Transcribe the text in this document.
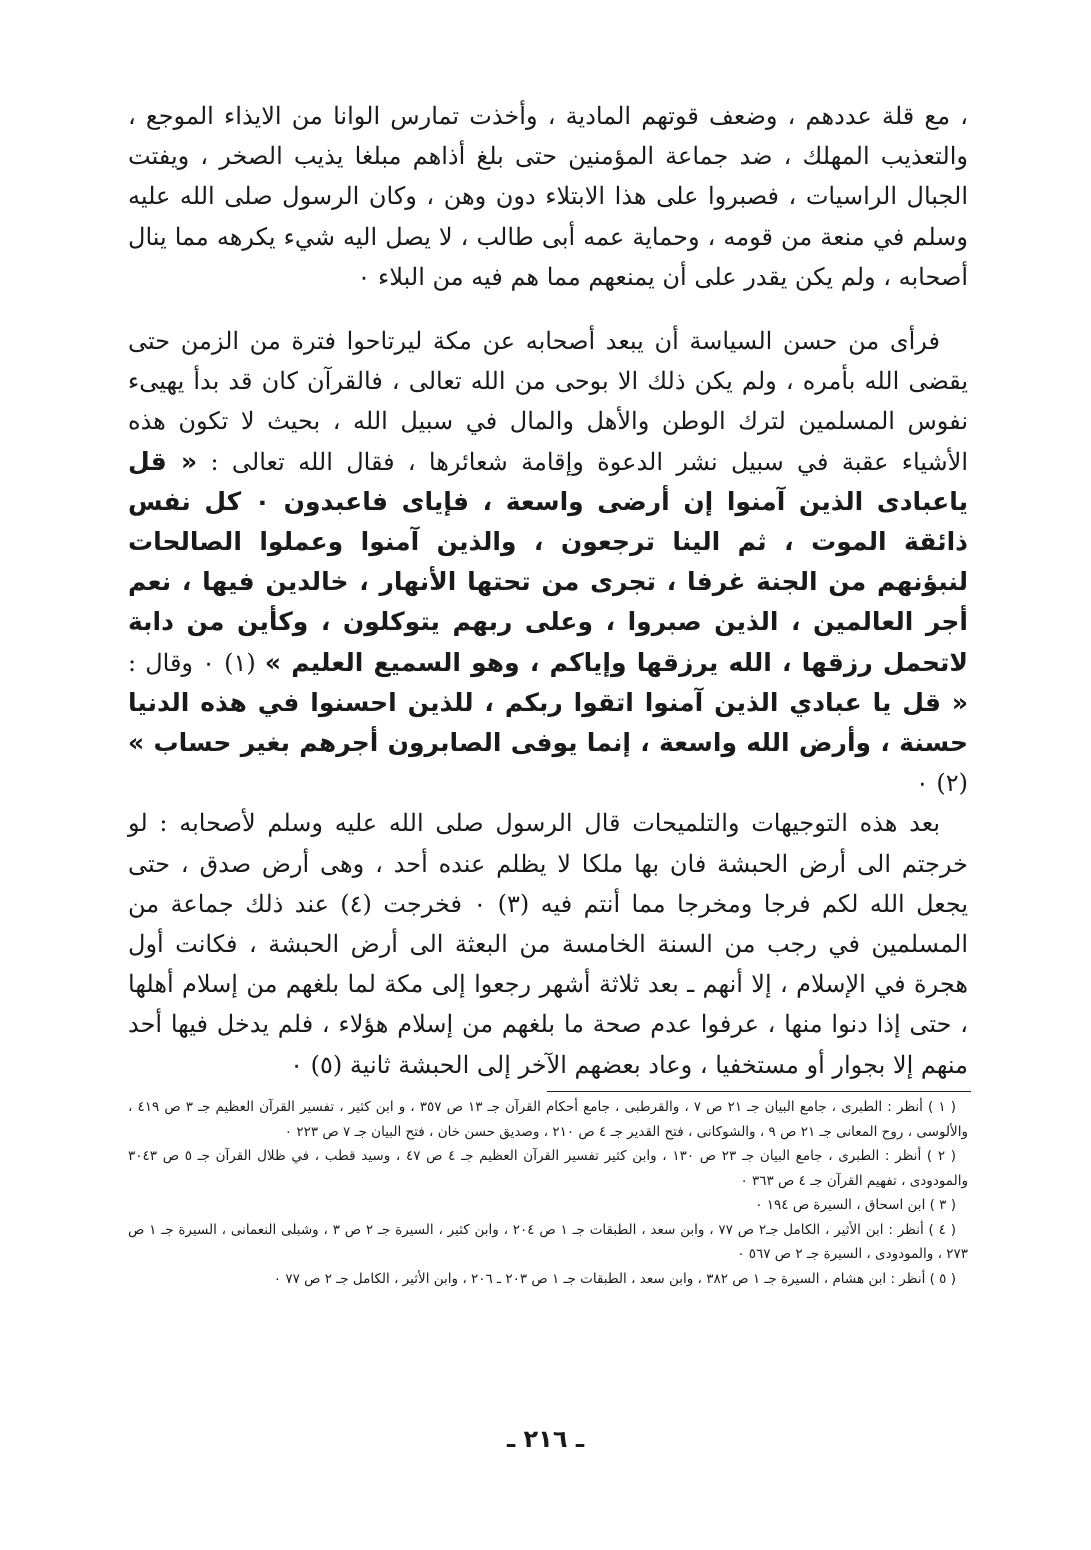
، مع قلة عددهم ، وضعف قوتهم المادية ، وأخذت تمارس الوانا من الايذاء الموجع ، والتعذيب المهلك ، ضد جماعة المؤمنين حتى بلغ أذاهم مبلغا يذيب الصخر ، ويفتت الجبال الراسيات ، فصبروا على هذا الابتلاء دون وهن ، وكان الرسول صلى الله عليه وسلم في منعة من قومه ، وحماية عمه أبى طالب ، لا يصل اليه شيء يكرهه مما ينال أصحابه ، ولم يكن يقدر على أن يمنعهم مما هم فيه من البلاء ٠

فرأى من حسن السياسة أن يبعد أصحابه عن مكة ليرتاحوا فترة من الزمن حتى يقضى الله بأمره ، ولم يكن ذلك الا بوحى من الله تعالى ، فالقرآن كان قد بدأ يهيىء نفوس المسلمين لترك الوطن والأهل والمال في سبيل الله ، بحيث لا تكون هذه الأشياء عقبة في سبيل نشر الدعوة وإقامة شعائرها ، فقال الله تعالى : « قل ياعبادى الذين آمنوا إن أرضى واسعة ، فإياى فاعبدون ٠ كل نفس ذائقة الموت ، ثم الينا ترجعون ، والذين آمنوا وعملوا الصالحات لنبؤنهم من الجنة غرفا ، تجرى من تحتها الأنهار ، خالدين فيها ، نعم أجر العالمين ، الذين صبروا ، وعلى ربهم يتوكلون ، وكأين من دابة لاتحمل رزقها ، الله يرزقها وإياكم ، وهو السميع العليم » (١) ٠ وقال : « قل يا عبادي الذين آمنوا اتقوا ربكم ، للذين احسنوا في هذه الدنيا حسنة ، وأرض الله واسعة ، إنما يوفى الصابرون أجرهم بغير حساب » (٢) ٠

بعد هذه التوجيهات والتلميحات قال الرسول صلى الله عليه وسلم لأصحابه : لو خرجتم الى أرض الحبشة فان بها ملكا لا يظلم عنده أحد ، وهى أرض صدق ، حتى يجعل الله لكم فرجا ومخرجا مما أنتم فيه (٣) ٠ فخرجت (٤) عند ذلك جماعة من المسلمين في رجب من السنة الخامسة من البعثة الى أرض الحبشة ، فكانت أول هجرة في الإسلام ، إلا أنهم ـ بعد ثلاثة أشهر رجعوا إلى مكة لما بلغهم من إسلام أهلها ، حتى إذا دنوا منها ، عرفوا عدم صحة ما بلغهم من إسلام هؤلاء ، فلم يدخل فيها أحد منهم إلا بجوار أو مستخفيا ، وعاد بعضهم الآخر إلى الحبشة ثانية (٥) ٠

( ١ ) أنظر : الطبرى ، جامع البيان جـ ٢١ ص ٧ ، والقرطبى ، جامع أحكام القرآن جـ ١٣ ص ٣٥٧ ، و ابن كثير ، تفسير القرآن العظيم جـ ٣ ص ٤١٩ ، والألوسى ، روح المعانى جـ ٢١ ص ٩ ، والشوكانى ، فتح القدير جـ ٤ ص ٢١٠ ، وصديق حسن خان ، فتح البيان جـ ٧ ص ٢٢٣ ٠

( ٢ ) أنظر : الطبرى ، جامع البيان جـ ٢٣ ص ١٣٠ ، وابن كثير تفسير القرآن العظيم جـ ٤ ص ٤٧ ، وسيد قطب ، في ظلال القرآن جـ ٥ ص ٣٠٤٣ والمودودى ، تفهيم القرآن جـ ٤ ص ٣٦٣ ٠

( ٣ ) ابن اسحاق ، السيرة ص ١٩٤ ٠

( ٤ ) أنظر : ابن الأثير ، الكامل جـ٢ ص ٧٧ ، وابن سعد ، الطبقات جـ ١ ص ٢٠٤ ، وابن كثير ، السيرة جـ ٢ ص ٣ ، وشبلى النعمانى ، السيرة جـ ١ ص ٢٧٣ ، والمودودى ، السيرة جـ ٢ ص ٥٦٧ ٠

( ٥ ) أنظر : ابن هشام ، السيرة جـ ١ ص ٣٨٢ ، وابن سعد ، الطبقات جـ ١ ص ٢٠٣ ـ ٢٠٦ ، وابن الأثير ، الكامل جـ ٢ ص ٧٧ ٠

ـ ٢١٦ ـ
